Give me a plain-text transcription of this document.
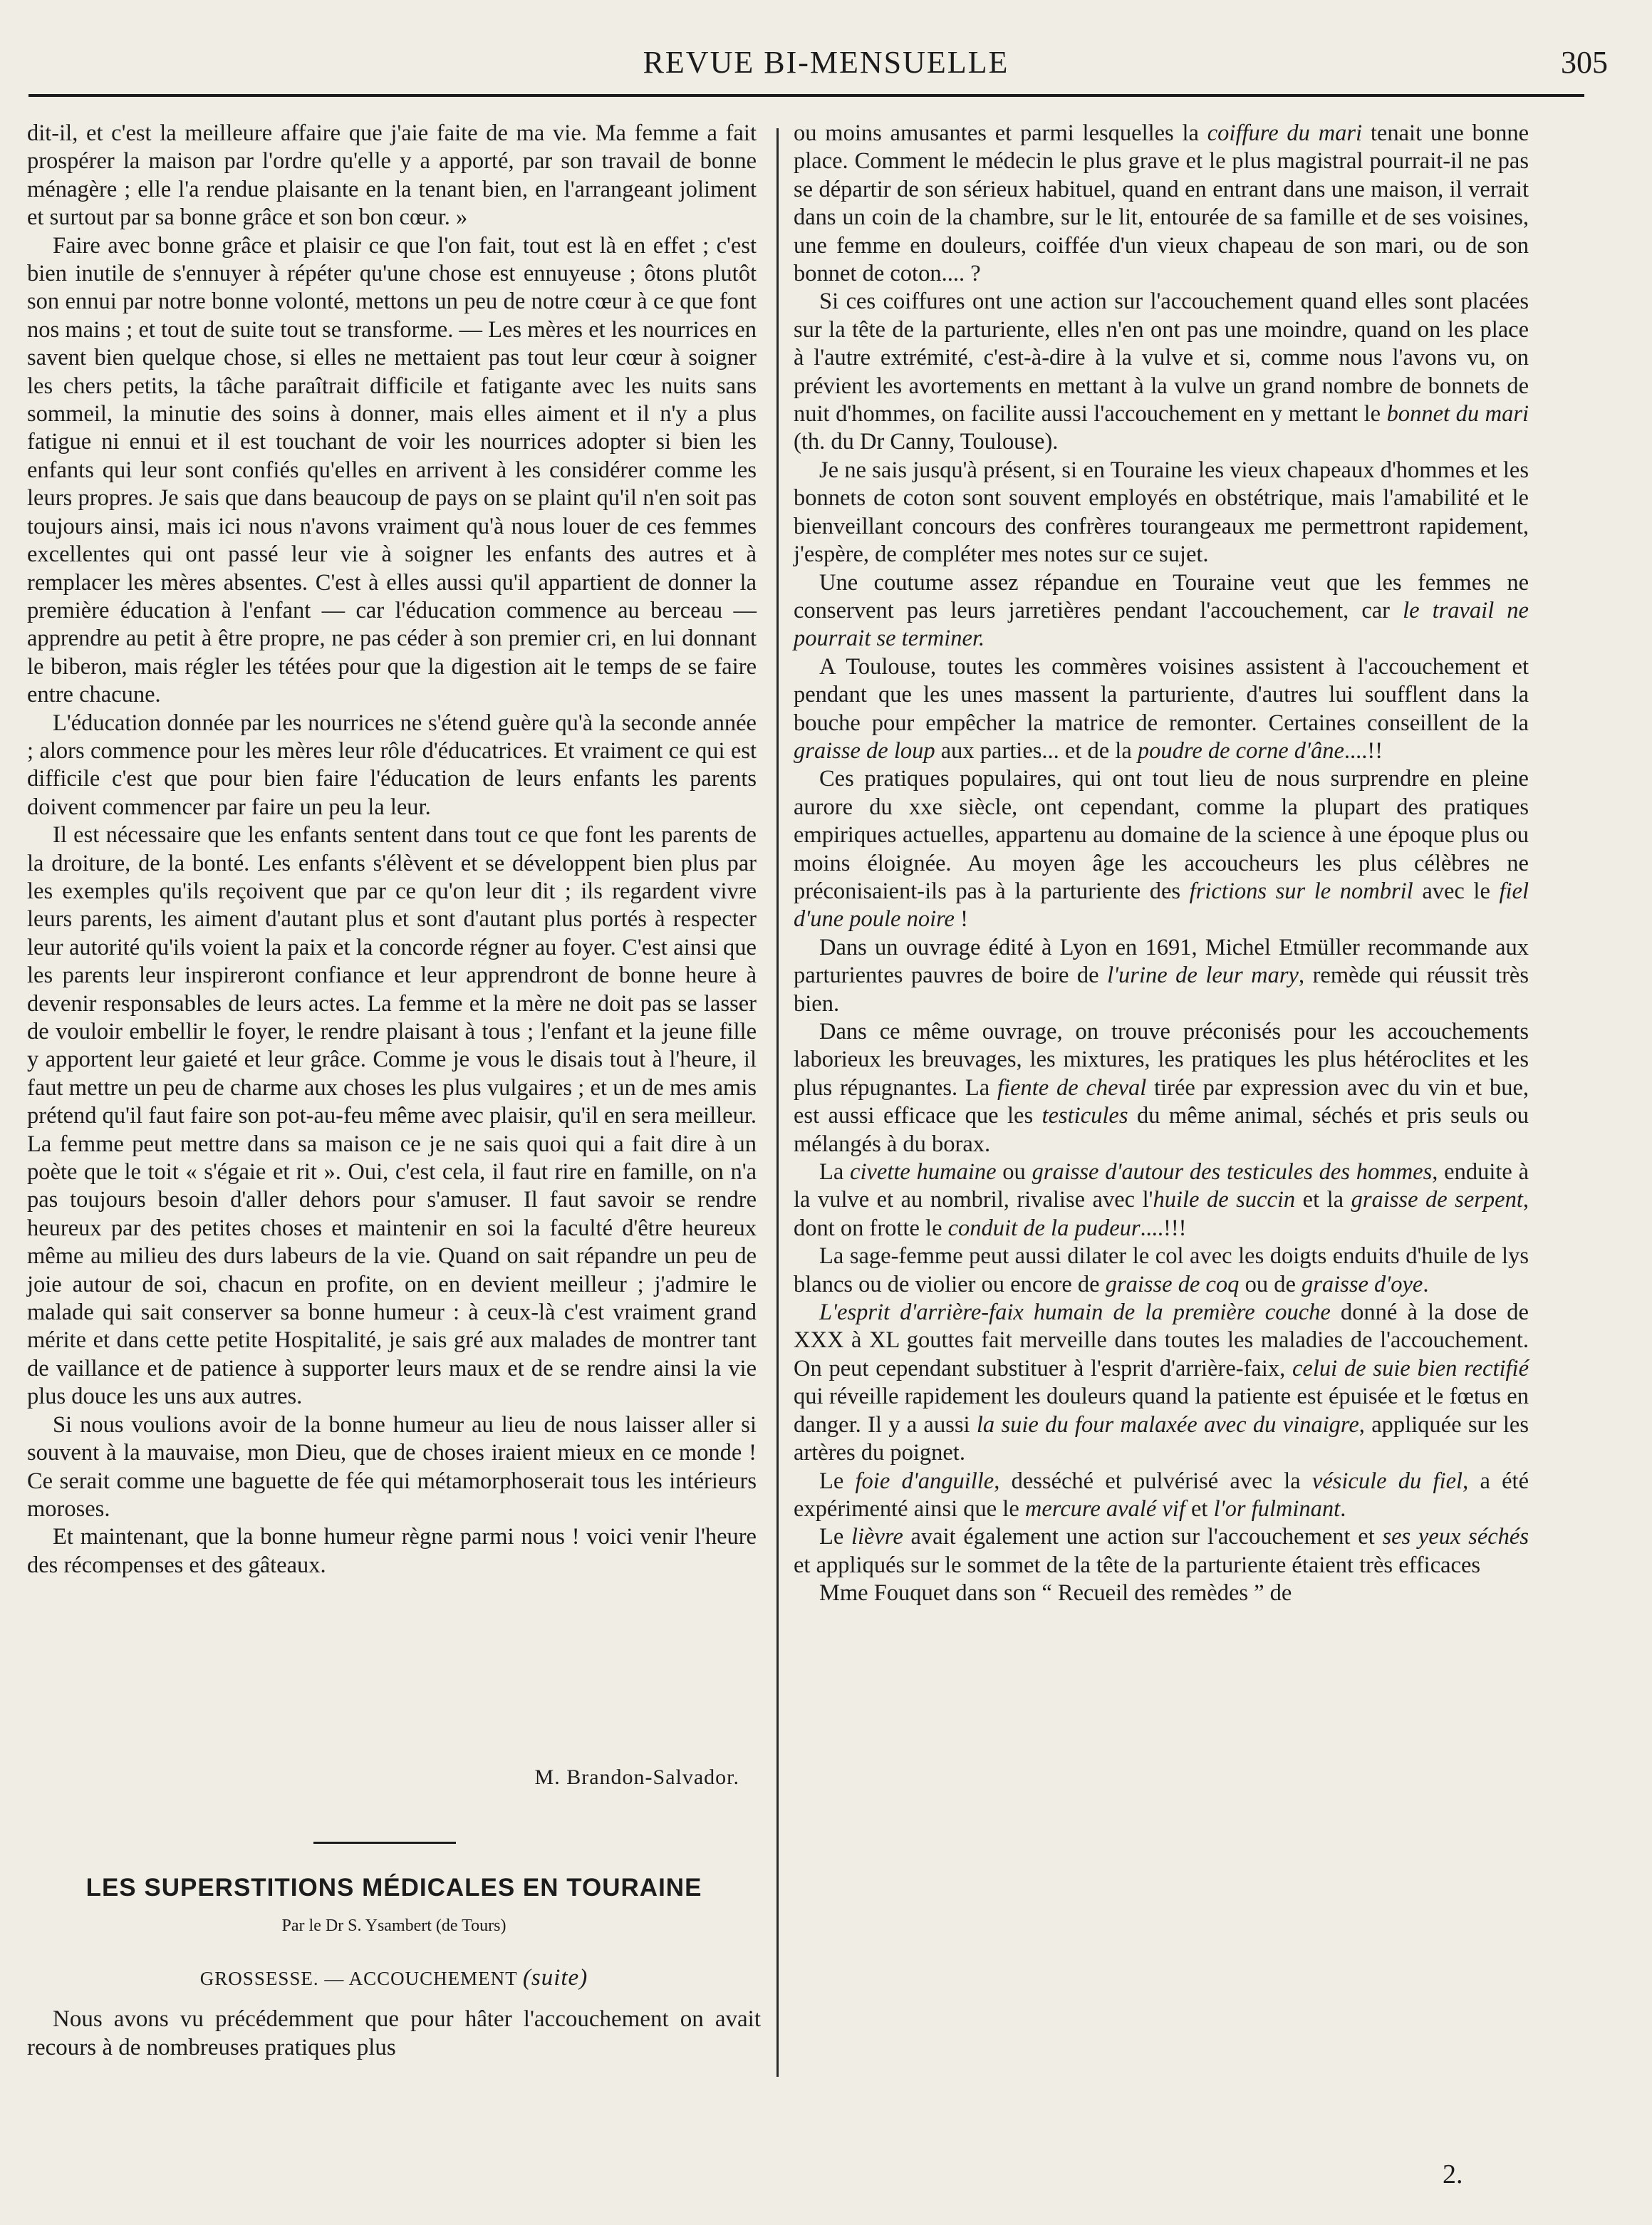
REVUE BI-MENSUELLE	305

dit-il, et c'est la meilleure affaire que j'aie faite de ma vie. Ma femme a fait prospérer la maison par l'ordre qu'elle y a apporté, par son travail de bonne ménagère ; elle l'a rendue plaisante en la tenant bien, en l'arrangeant joliment et surtout par sa bonne grâce et son bon cœur. »

Faire avec bonne grâce et plaisir ce que l'on fait, tout est là en effet ; c'est bien inutile de s'ennuyer à répéter qu'une chose est ennuyeuse ; ôtons plutôt son ennui par notre bonne volonté, mettons un peu de notre cœur à ce que font nos mains ; et tout de suite tout se transforme. — Les mères et les nourrices en savent bien quelque chose, si elles ne mettaient pas tout leur cœur à soigner les chers petits, la tâche paraîtrait difficile et fatigante avec les nuits sans sommeil, la minutie des soins à donner, mais elles aiment et il n'y a plus fatigue ni ennui et il est touchant de voir les nourrices adopter si bien les enfants qui leur sont confiés qu'elles en arrivent à les considérer comme les leurs propres. Je sais que dans beaucoup de pays on se plaint qu'il n'en soit pas toujours ainsi, mais ici nous n'avons vraiment qu'à nous louer de ces femmes excellentes qui ont passé leur vie à soigner les enfants des autres et à remplacer les mères absentes. C'est à elles aussi qu'il appartient de donner la première éducation à l'enfant — car l'éducation commence au berceau — apprendre au petit à être propre, ne pas céder à son premier cri, en lui donnant le biberon, mais régler les tétées pour que la digestion ait le temps de se faire entre chacune.

L'éducation donnée par les nourrices ne s'étend guère qu'à la seconde année ; alors commence pour les mères leur rôle d'éducatrices. Et vraiment ce qui est difficile c'est que pour bien faire l'éducation de leurs enfants les parents doivent commencer par faire un peu la leur.

Il est nécessaire que les enfants sentent dans tout ce que font les parents de la droiture, de la bonté. Les enfants s'élèvent et se développent bien plus par les exemples qu'ils reçoivent que par ce qu'on leur dit ; ils regardent vivre leurs parents, les aiment d'autant plus et sont d'autant plus portés à respecter leur autorité qu'ils voient la paix et la concorde régner au foyer. C'est ainsi que les parents leur inspireront confiance et leur apprendront de bonne heure à devenir responsables de leurs actes. La femme et la mère ne doit pas se lasser de vouloir embellir le foyer, le rendre plaisant à tous ; l'enfant et la jeune fille y apportent leur gaieté et leur grâce. Comme je vous le disais tout à l'heure, il faut mettre un peu de charme aux choses les plus vulgaires ; et un de mes amis prétend qu'il faut faire son pot-au-feu même avec plaisir, qu'il en sera meilleur. La femme peut mettre dans sa maison ce je ne sais quoi qui a fait dire à un poète que le toit « s'égaie et rit ». Oui, c'est cela, il faut rire en famille, on n'a pas toujours besoin d'aller dehors pour s'amuser. Il faut savoir se rendre heureux par des petites choses et maintenir en soi la faculté d'être heureux même au milieu des durs labeurs de la vie. Quand on sait répandre un peu de joie autour de soi, chacun en profite, on en devient meilleur ; j'admire le malade qui sait conserver sa bonne humeur : à ceux-là c'est vraiment grand mérite et dans cette petite Hospitalité, je sais gré aux malades de montrer tant de vaillance et de patience à supporter leurs maux et de se rendre ainsi la vie plus douce les uns aux autres.

Si nous voulions avoir de la bonne humeur au lieu de nous laisser aller si souvent à la mauvaise, mon Dieu, que de choses iraient mieux en ce monde ! Ce serait comme une baguette de fée qui métamorphoserait tous les intérieurs moroses.

Et maintenant, que la bonne humeur règne parmi nous ! voici venir l'heure des récompenses et des gâteaux.

M. Brandon-Salvador.
LES SUPERSTITIONS MÉDICALES EN TOURAINE
Par le Dr S. Ysambert (de Tours)
GROSSESSE. — ACCOUCHEMENT (suite)

Nous avons vu précédemment que pour hâter l'accouchement on avait recours à de nombreuses pratiques plus

ou moins amusantes et parmi lesquelles la coiffure du mari tenait une bonne place. Comment le médecin le plus grave et le plus magistral pourrait-il ne pas se départir de son sérieux habituel, quand en entrant dans une maison, il verrait dans un coin de la chambre, sur le lit, entourée de sa famille et de ses voisines, une femme en douleurs, coiffée d'un vieux chapeau de son mari, ou de son bonnet de coton.... ?

Si ces coiffures ont une action sur l'accouchement quand elles sont placées sur la tête de la parturiente, elles n'en ont pas une moindre, quand on les place à l'autre extrémité, c'est-à-dire à la vulve et si, comme nous l'avons vu, on prévient les avortements en mettant à la vulve un grand nombre de bonnets de nuit d'hommes, on facilite aussi l'accouchement en y mettant le bonnet du mari (th. du Dr Canny, Toulouse).

Je ne sais jusqu'à présent, si en Touraine les vieux chapeaux d'hommes et les bonnets de coton sont souvent employés en obstétrique, mais l'amabilité et le bienveillant concours des confrères tourangeaux me permettront rapidement, j'espère, de compléter mes notes sur ce sujet.

Une coutume assez répandue en Touraine veut que les femmes ne conservent pas leurs jarretières pendant l'accouchement, car le travail ne pourrait se terminer.

A Toulouse, toutes les commères voisines assistent à l'accouchement et pendant que les unes massent la parturiente, d'autres lui soufflent dans la bouche pour empêcher la matrice de remonter. Certaines conseillent de la graisse de loup aux parties... et de la poudre de corne d'âne....!!

Ces pratiques populaires, qui ont tout lieu de nous surprendre en pleine aurore du xxe siècle, ont cependant, comme la plupart des pratiques empiriques actuelles, appartenu au domaine de la science à une époque plus ou moins éloignée. Au moyen âge les accoucheurs les plus célèbres ne préconisaient-ils pas à la parturiente des frictions sur le nombril avec le fiel d'une poule noire !

Dans un ouvrage édité à Lyon en 1691, Michel Etmüller recommande aux parturientes pauvres de boire de l'urine de leur mary, remède qui réussit très bien.

Dans ce même ouvrage, on trouve préconisés pour les accouchements laborieux les breuvages, les mixtures, les pratiques les plus hétéroclites et les plus répugnantes. La fiente de cheval tirée par expression avec du vin et bue, est aussi efficace que les testicules du même animal, séchés et pris seuls ou mélangés à du borax.

La civette humaine ou graisse d'autour des testicules des hommes, enduite à la vulve et au nombril, rivalise avec l'huile de succin et la graisse de serpent, dont on frotte le conduit de la pudeur....!!!

La sage-femme peut aussi dilater le col avec les doigts enduits d'huile de lys blancs ou de violier ou encore de graisse de coq ou de graisse d'oye.

L'esprit d'arrière-faix humain de la première couche donné à la dose de XXX à XL gouttes fait merveille dans toutes les maladies de l'accouchement. On peut cependant substituer à l'esprit d'arrière-faix, celui de suie bien rectifié qui réveille rapidement les douleurs quand la patiente est épuisée et le fœtus en danger. Il y a aussi la suie du four malaxée avec du vinaigre, appliquée sur les artères du poignet.

Le foie d'anguille, desséché et pulvérisé avec la vésicule du fiel, a été expérimenté ainsi que le mercure avalé vif et l'or fulminant.

Le lièvre avait également une action sur l'accouchement et ses yeux séchés et appliqués sur le sommet de la tête de la parturiente étaient très efficaces

Mme Fouquet dans son “ Recueil des remèdes ” de

2.
